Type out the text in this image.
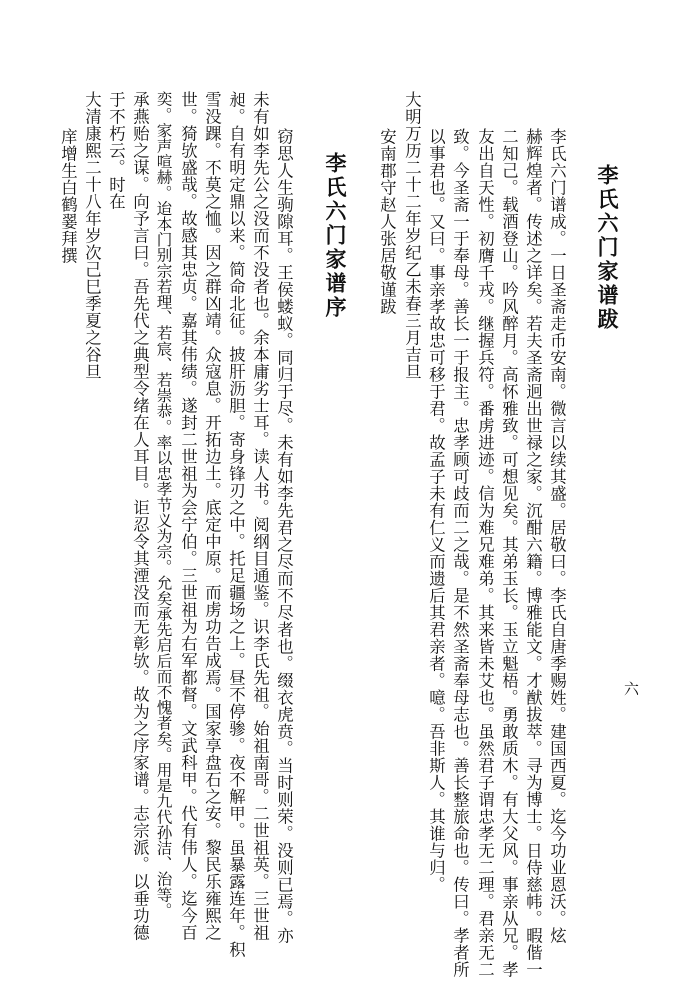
李氏六门家谱跋
李氏六门谱成。一日圣斋走币安南。微言以续其盛。居敬曰。李氏自唐季赐姓。建国西夏。迄今功业恩沃。炫
赫辉煌者。传述之详矣。若夫圣斋迥出世禄之家。沉酣六籍。博雅能文。才猷拔萃。寻为博士。日侍慈帏。暇偕一
二知己。载酒登山。吟风醉月。高怀雅致。可想见矣。其弟玉长。玉立魁梧。勇敢质木。有大父风。事亲从兄。孝
友出自天性。初膺千戎。继握兵符。番虏进迹。信为难兄难弟。其来皆未艾也。虽然君子谓忠孝无二理。君亲无二
致。今圣斋一于奉母。善长一于报主。忠孝顾可歧而二之哉。是不然圣斋奉母志也。善长整旅命也。传曰。孝者所
以事君也。又曰。事亲孝故忠可移于君。故孟子未有仁义而遗后其君亲者。噫。吾非斯人。其谁与归。
大明万历二十二年岁纪乙未春三月吉旦
安南郡守赵人张居敬谨跋
李氏六门家谱序
窃思人生驹隙耳。王侯蝼蚁。同归于尽。未有如李先君之尽而不尽者也。缀衣虎贲。当时则荣。没则已焉。亦
未有如李先公之没而不没者也。余本庸劣士耳。读人书。阅纲目通鉴。识李氏先祖。始祖南哥。二世祖英。三世祖
昶。自有明定鼎以来。简命北征。披肝沥胆。寄身锋刃之中。托足疆场之上。昼不停骖。夜不解甲。虽暴露连年。积
雪没踝。不莫之恤。因之群凶靖。众寇息。开拓边土。底定中原。而虏功告成焉。国家享盘石之安。黎民乐雍熙之
世。猗欤盛哉。故感其忠贞。嘉其伟绩。遂封二世祖为会宁伯。三世祖为右军都督。文武科甲。代有伟人。迄今百
奕。家声喧赫。迨本门别宗若理、若宸、若崇恭。率以忠孝节义为宗。允矣承先启后而不愧者矣。用是九代孙洁、治等。
承燕贻之谋。向予言曰。吾先代之典型令绪在人耳目。讵忍令其湮没而无彰欤。故为之序家谱。志宗派。以垂功德
于不朽云。时在
大清康熙二十八年岁次己巳季夏之谷旦
庠增生白鹤翣拜撰
六
